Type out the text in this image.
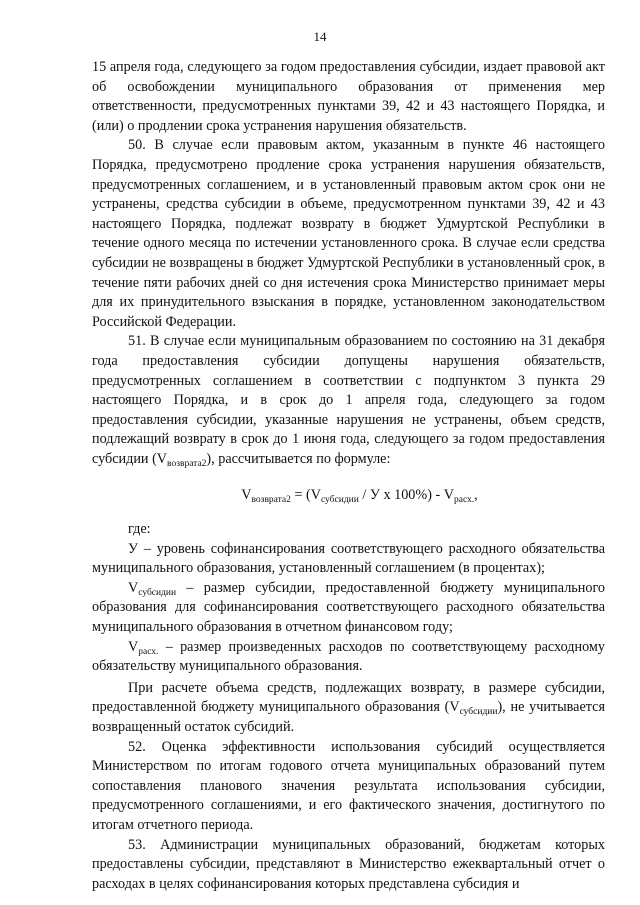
14

15 апреля года, следующего за годом предоставления субсидии, издает правовой акт об освобождении муниципального образования от применения мер ответственности, предусмотренных пунктами 39, 42 и 43 настоящего Порядка, и (или) о продлении срока устранения нарушения обязательств.

50. В случае если правовым актом, указанным в пункте 46 настоящего Порядка, предусмотрено продление срока устранения нарушения обязательств, предусмотренных соглашением, и в установленный правовым актом срок они не устранены, средства субсидии в объеме, предусмотренном пунктами 39, 42 и 43 настоящего Порядка, подлежат возврату в бюджет Удмуртской Республики в течение одного месяца по истечении установленного срока. В случае если средства субсидии не возвращены в бюджет Удмуртской Республики в установленный срок, в течение пяти рабочих дней со дня истечения срока Министерство принимает меры для их принудительного взыскания в порядке, установленном законодательством Российской Федерации.

51. В случае если муниципальным образованием по состоянию на 31 декабря года предоставления субсидии допущены нарушения обязательств, предусмотренных соглашением в соответствии с подпунктом 3 пункта 29 настоящего Порядка, и в срок до 1 апреля года, следующего за годом предоставления субсидии, указанные нарушения не устранены, объем средств, подлежащий возврату в срок до 1 июня года, следующего за годом предоставления субсидии $(V_{возврата2})$, рассчитывается по формуле:

$V_{возврата2} = (V_{субсидии} / У$ х $100\%) - V_{расх.}$,

где:

У – уровень софинансирования соответствующего расходного обязательства муниципального образования, установленный соглашением (в процентах);

$V_{субсидии}$ – размер субсидии, предоставленной бюджету муниципального образования для софинансирования соответствующего расходного обязательства муниципального образования в отчетном финансовом году;

$V_{расх.}$ – размер произведенных расходов по соответствующему расходному обязательству муниципального образования.

При расчете объема средств, подлежащих возврату, в размере субсидии, предоставленной бюджету муниципального образования $(V_{субсидии})$, не учитывается возвращенный остаток субсидий.

52. Оценка эффективности использования субсидий осуществляется Министерством по итогам годового отчета муниципальных образований путем сопоставления планового значения результата использования субсидии, предусмотренного соглашениями, и его фактического значения, достигнутого по итогам отчетного периода.

53. Администрации муниципальных образований, бюджетам которых предоставлены субсидии, представляют в Министерство ежеквартальный отчет о расходах в целях софинансирования которых представлена субсидия и
